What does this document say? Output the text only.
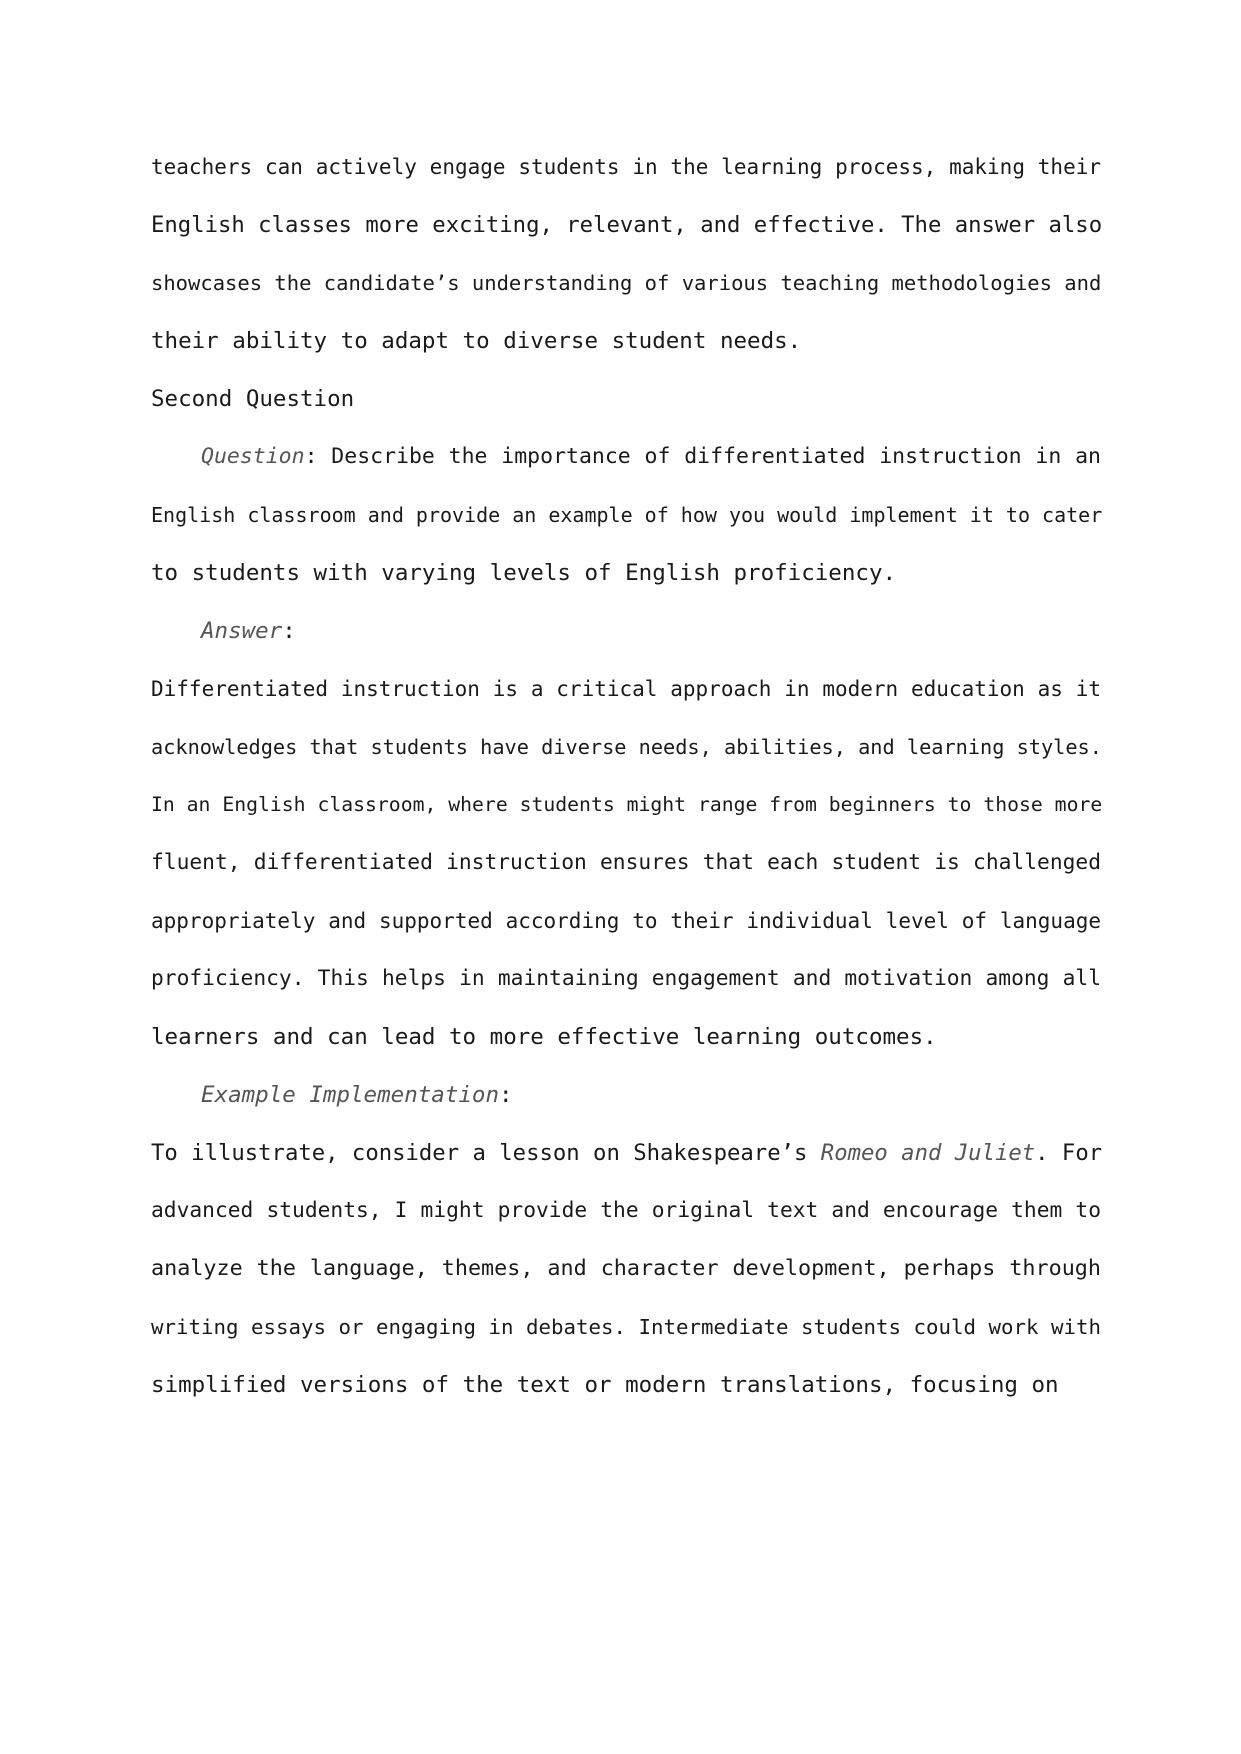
teachers can actively engage students in the learning process, making their

English classes more exciting, relevant, and effective. The answer also

showcases the candidate’s understanding of various teaching methodologies and

their ability to adapt to diverse student needs.

Second Question

Question: Describe the importance of differentiated instruction in an

English classroom and provide an example of how you would implement it to cater

to students with varying levels of English proficiency.

Answer:

Differentiated instruction is a critical approach in modern education as it

acknowledges that students have diverse needs, abilities, and learning styles.

In an English classroom, where students might range from beginners to those more

fluent, differentiated instruction ensures that each student is challenged

appropriately and supported according to their individual level of language

proficiency. This helps in maintaining engagement and motivation among all

learners and can lead to more effective learning outcomes.

Example Implementation:

To illustrate, consider a lesson on Shakespeare’s Romeo and Juliet. For

advanced students, I might provide the original text and encourage them to

analyze the language, themes, and character development, perhaps through

writing essays or engaging in debates. Intermediate students could work with

simplified versions of the text or modern translations, focusing on
